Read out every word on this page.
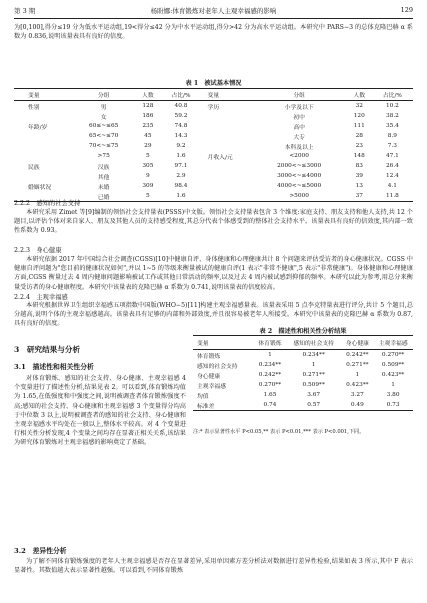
第 3 期	杨盼娜:体育锻炼对老年人主观幸福感的影响	129
为[0,100],得分≤19 分为低水平运动组,19<得分≤42 分为中水平运动组,得分>42 分为高水平运动组。本研究中 PARS−3 的总体克隆巴赫 α 系数为 0.836,说明该量表具有良好的信度。
表 1　被试基本情况
变量	分组	人数	占比/%	变量	分组	人数	占比/%
性别	男	128	40.8	学历	小学及以下	32	10.2
	女	186	59.2		初中	120	38.2
年龄/岁	60≤~≤65	235	74.8		高中	111	35.4
	65<~≤70	45	14.3		大专	28	8.9
	70<~≤75	29	9.2		本科及以上	23	7.3
	>75	5	1.6	月收入/元	<2000	148	47.1
民族	汉族	305	97.1		2000<~≤3000	83	26.4
	其他	9	2.9		3000<~≤4000	39	12.4
婚姻状况	未婚	309	98.4		4000<~≤5000	13	4.1
	已婚	5	1.6		>5000	37	11.8
2.2.2　感知的社会支持
本研究采用 Zimet 等[9]编制的领悟社会支持量表(PSSS)中文版。领悟社会支持量表包含 3 个维度:家庭支持、朋友支持和他人支持,共 12 个题目,以评估个体对来自家人、朋友及其他人员的支持感受程度,其总分代表个体感受到的整体社会支持水平。该量表具有良好的信效度,其内部一致性系数为 0.93。
2.2.3　身心健康
本研究依据 2017 年中国综合社会调查(CGSS)[10]中健康自评、身体健康和心理健康共计 8 个问题来评估受访者的身心健康状况。CGSS 中健康自评问题为"您目前的健康状况如何",并以 1~5 的等级来衡量被试的健康自评(1 表示"非常不健康",5 表示"非常健康")。身体健康和心理健康方面,CGSS 衡量过去 4 周内健康问题影响被试工作或其他日常活动的频率,以及过去 4 周内被试感到抑郁的频率。本研究以此为参考,用总分来衡量受访者的身心健康程度。本研究中该量表的克隆巴赫 α 系数为 0.741,说明该量表的信度较高。
2.2.4　主观幸福感
本研究根据世界卫生组织幸福感五项指数中国版(WHO−5)[11]构建主观幸福感量表。该量表采用 5 点李克特量表进行评分,共计 5 个题目,总分越高,说明个体的主观幸福感越高。该量表具有足够的内部和外部效度,并且很容易被老年人所接受。本研究中该量表的克隆巴赫 α 系数为 0.87,具有良好的信度。
3　研究结果与分析
3.1　描述性和相关性分析
对体育锻炼、感知的社会支持、身心健康、主观幸福感 4 个变量进行了描述性分析,结果见表 2。可以看到,体育锻炼均值为 1.65,在低强度和中强度之间,说明被调查者体育锻炼强度不高;感知的社会支持、身心健康和主观幸福感 3 个变量得分均高于中位数 3 以上,说明被调查者的感知的社会支持、身心健康和主观幸福感水平均处在一般以上,整体水平较高。对 4 个变量进行相关性分析发现,4 个变量之间均存在显著正相关关系,该结果为研究体育锻炼对主观幸福感的影响奠定了基础。
表 2　描述性和相关性分析结果
变量	体育锻炼	感知的社会支持	身心健康	主观幸福感
体育锻炼	1	0.234**	0.242**	0.270**
感知的社会支持	0.234**	1	0.271**	0.509**
身心健康	0.242**	0.271**	1	0.423**
主观幸福感	0.270**	0.509**	0.423**	1
均值	1.65	3.67	3.27	3.80
标准差	0.74	0.57	0.49	0.73
注:* 表示显著性水平 P<0.05,** 表示 P<0.01,*** 表示 P<0.001,下同。
3.2　差异性分析
为了解不同体育锻炼强度的老年人主观幸福感是否存在显著差异,采用单因素方差分析法对数据进行差异性检验,结果如表 3 所示,其中 F 表示显著性。其数值越大表示显著性越强。可以看到,不同体育锻炼
